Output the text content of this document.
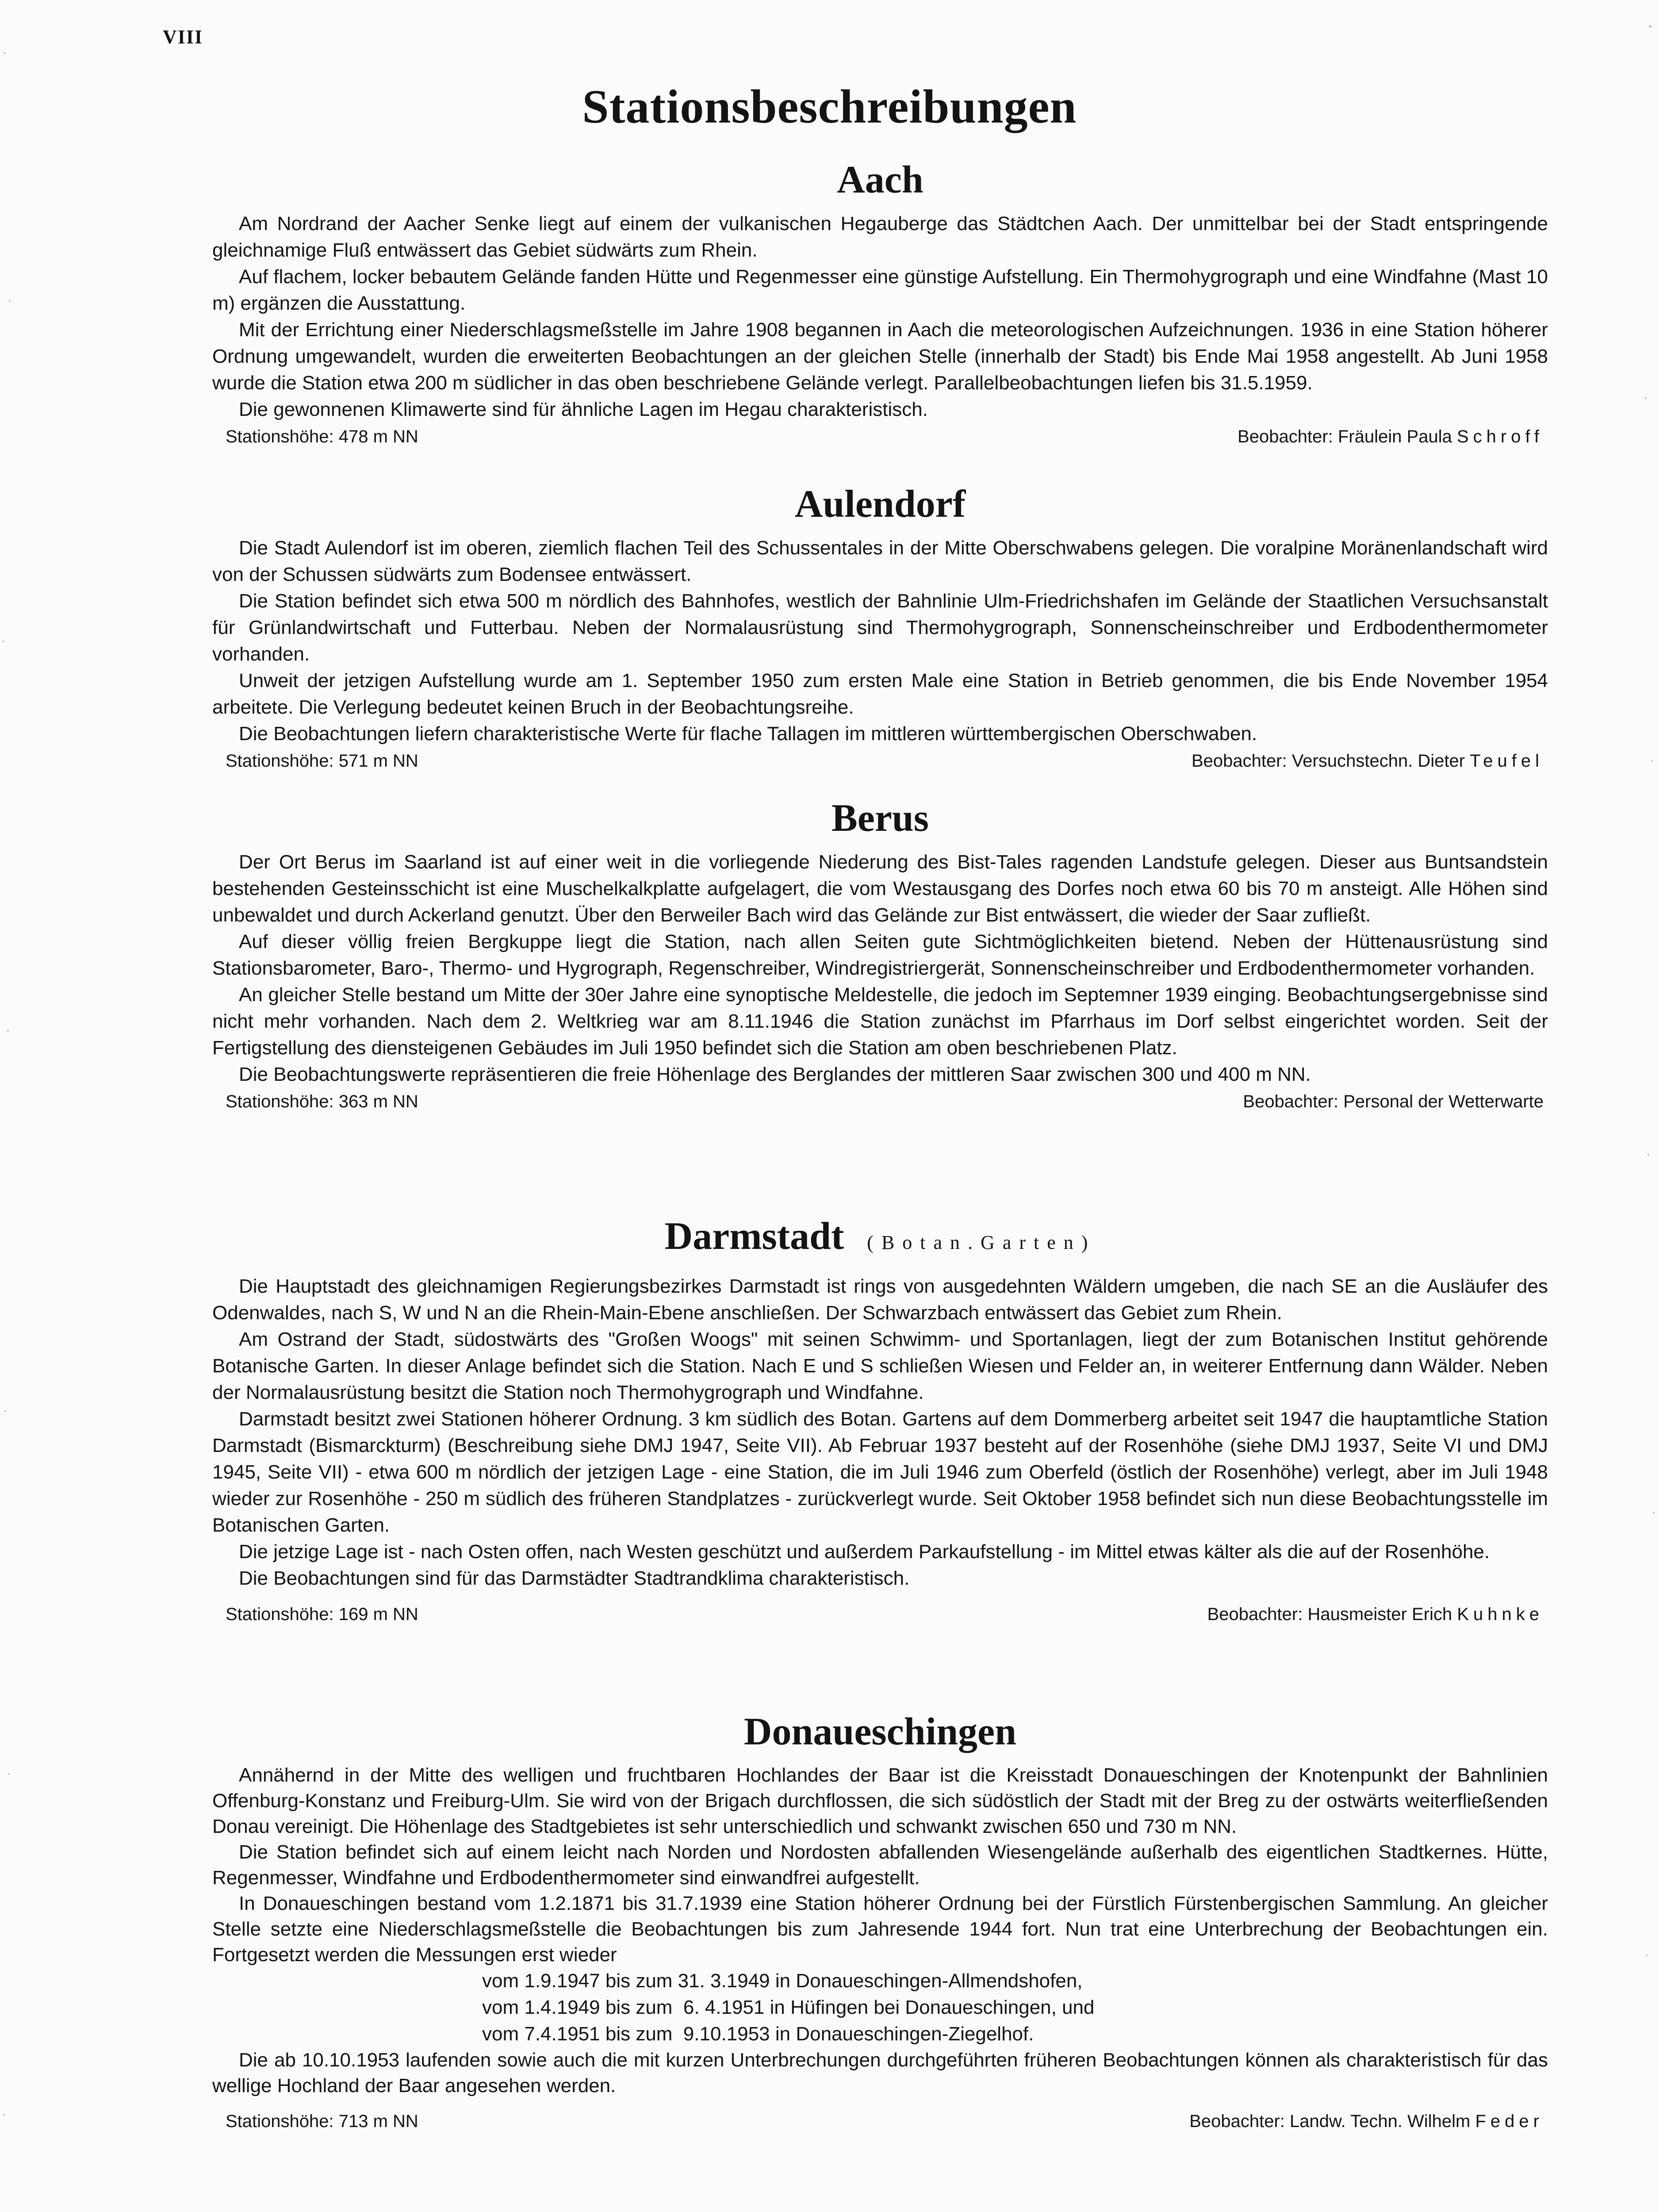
VIII
Stationsbeschreibungen
Aach

Am Nordrand der Aacher Senke liegt auf einem der vulkanischen Hegauberge das Städtchen Aach. Der unmittelbar bei der Stadt entspringende gleichnamige Fluß entwässert das Gebiet südwärts zum Rhein.

Auf flachem, locker bebautem Gelände fanden Hütte und Regenmesser eine günstige Aufstellung. Ein Thermohygrograph und eine Windfahne (Mast 10 m) ergänzen die Ausstattung.

Mit der Errichtung einer Niederschlagsmeßstelle im Jahre 1908 begannen in Aach die meteorologischen Aufzeichnungen. 1936 in eine Station höherer Ordnung umgewandelt, wurden die erweiterten Beobachtungen an der gleichen Stelle (innerhalb der Stadt) bis Ende Mai 1958 angestellt. Ab Juni 1958 wurde die Station etwa 200 m südlicher in das oben beschriebene Gelände verlegt. Parallelbeobachtungen liefen bis 31.5.1959.

Die gewonnenen Klimawerte sind für ähnliche Lagen im Hegau charakteristisch.

Stationshöhe: 478 m NN	Beobachter: Fräulein Paula Schroff
Aulendorf

Die Stadt Aulendorf ist im oberen, ziemlich flachen Teil des Schussentales in der Mitte Oberschwabens gelegen. Die voralpine Moränenlandschaft wird von der Schussen südwärts zum Bodensee entwässert.

Die Station befindet sich etwa 500 m nördlich des Bahnhofes, westlich der Bahnlinie Ulm-Friedrichshafen im Gelände der Staatlichen Versuchsanstalt für Grünlandwirtschaft und Futterbau. Neben der Normalausrüstung sind Thermohygrograph, Sonnenscheinschreiber und Erdbodenthermometer vorhanden.

Unweit der jetzigen Aufstellung wurde am 1. September 1950 zum ersten Male eine Station in Betrieb genommen, die bis Ende November 1954 arbeitete. Die Verlegung bedeutet keinen Bruch in der Beobachtungsreihe.

Die Beobachtungen liefern charakteristische Werte für flache Tallagen im mittleren württembergischen Oberschwaben.

Stationshöhe: 571 m NN	Beobachter: Versuchstechn. Dieter Teufel
Berus

Der Ort Berus im Saarland ist auf einer weit in die vorliegende Niederung des Bist-Tales ragenden Landstufe gelegen. Dieser aus Buntsandstein bestehenden Gesteinsschicht ist eine Muschelkalkplatte aufgelagert, die vom Westausgang des Dorfes noch etwa 60 bis 70 m ansteigt. Alle Höhen sind unbewaldet und durch Ackerland genutzt. Über den Berweiler Bach wird das Gelände zur Bist entwässert, die wieder der Saar zufließt.

Auf dieser völlig freien Bergkuppe liegt die Station, nach allen Seiten gute Sichtmöglichkeiten bietend. Neben der Hüttenausrüstung sind Stationsbarometer, Baro-, Thermo- und Hygrograph, Regenschreiber, Windregistriergerät, Sonnenscheinschreiber und Erdbodenthermometer vorhanden.

An gleicher Stelle bestand um Mitte der 30er Jahre eine synoptische Meldestelle, die jedoch im Septemner 1939 einging. Beobachtungsergebnisse sind nicht mehr vorhanden. Nach dem 2. Weltkrieg war am 8.11.1946 die Station zunächst im Pfarrhaus im Dorf selbst eingerichtet worden. Seit der Fertigstellung des diensteigenen Gebäudes im Juli 1950 befindet sich die Station am oben beschriebenen Platz.

Die Beobachtungswerte repräsentieren die freie Höhenlage des Berglandes der mittleren Saar zwischen 300 und 400 m NN.

Stationshöhe: 363 m NN	Beobachter: Personal der Wetterwarte
Darmstadt (Botan.Garten)

Die Hauptstadt des gleichnamigen Regierungsbezirkes Darmstadt ist rings von ausgedehnten Wäldern umgeben, die nach SE an die Ausläufer des Odenwaldes, nach S, W und N an die Rhein-Main-Ebene anschließen. Der Schwarzbach entwässert das Gebiet zum Rhein.

Am Ostrand der Stadt, südostwärts des "Großen Woogs" mit seinen Schwimm- und Sportanlagen, liegt der zum Botanischen Institut gehörende Botanische Garten. In dieser Anlage befindet sich die Station. Nach E und S schließen Wiesen und Felder an, in weiterer Entfernung dann Wälder. Neben der Normalausrüstung besitzt die Station noch Thermohygrograph und Windfahne.

Darmstadt besitzt zwei Stationen höherer Ordnung. 3 km südlich des Botan. Gartens auf dem Dommerberg arbeitet seit 1947 die hauptamtliche Station Darmstadt (Bismarckturm) (Beschreibung siehe DMJ 1947, Seite VII). Ab Februar 1937 besteht auf der Rosenhöhe (siehe DMJ 1937, Seite VI und DMJ 1945, Seite VII) - etwa 600 m nördlich der jetzigen Lage - eine Station, die im Juli 1946 zum Oberfeld (östlich der Rosenhöhe) verlegt, aber im Juli 1948 wieder zur Rosenhöhe - 250 m südlich des früheren Standplatzes - zurückverlegt wurde. Seit Oktober 1958 befindet sich nun diese Beobachtungsstelle im Botanischen Garten.

Die jetzige Lage ist - nach Osten offen, nach Westen geschützt und außerdem Parkaufstellung - im Mittel etwas kälter als die auf der Rosenhöhe.

Die Beobachtungen sind für das Darmstädter Stadtrandklima charakteristisch.

Stationshöhe: 169 m NN	Beobachter: Hausmeister Erich Kuhnke
Donaueschingen

Annähernd in der Mitte des welligen und fruchtbaren Hochlandes der Baar ist die Kreisstadt Donaueschingen der Knotenpunkt der Bahnlinien Offenburg-Konstanz und Freiburg-Ulm. Sie wird von der Brigach durchflossen, die sich südöstlich der Stadt mit der Breg zu der ostwärts weiterfließenden Donau vereinigt. Die Höhenlage des Stadtgebietes ist sehr unterschiedlich und schwankt zwischen 650 und 730 m NN.

Die Station befindet sich auf einem leicht nach Norden und Nordosten abfallenden Wiesengelände außerhalb des eigentlichen Stadtkernes. Hütte, Regenmesser, Windfahne und Erdbodenthermometer sind einwandfrei aufgestellt.

In Donaueschingen bestand vom 1.2.1871 bis 31.7.1939 eine Station höherer Ordnung bei der Fürstlich Fürstenbergischen Sammlung. An gleicher Stelle setzte eine Niederschlagsmeßstelle die Beobachtungen bis zum Jahresende 1944 fort. Nun trat eine Unterbrechung der Beobachtungen ein. Fortgesetzt werden die Messungen erst wieder

vom 1.9.1947 bis zum 31. 3.1949 in Donaueschingen-Allmendshofen,
vom 1.4.1949 bis zum  6. 4.1951 in Hüfingen bei Donaueschingen, und
vom 7.4.1951 bis zum  9.10.1953 in Donaueschingen-Ziegelhof.

Die ab 10.10.1953 laufenden sowie auch die mit kurzen Unterbrechungen durchgeführten früheren Beobachtungen können als charakteristisch für das wellige Hochland der Baar angesehen werden.

Stationshöhe: 713 m NN	Beobachter: Landw. Techn. Wilhelm Feder
